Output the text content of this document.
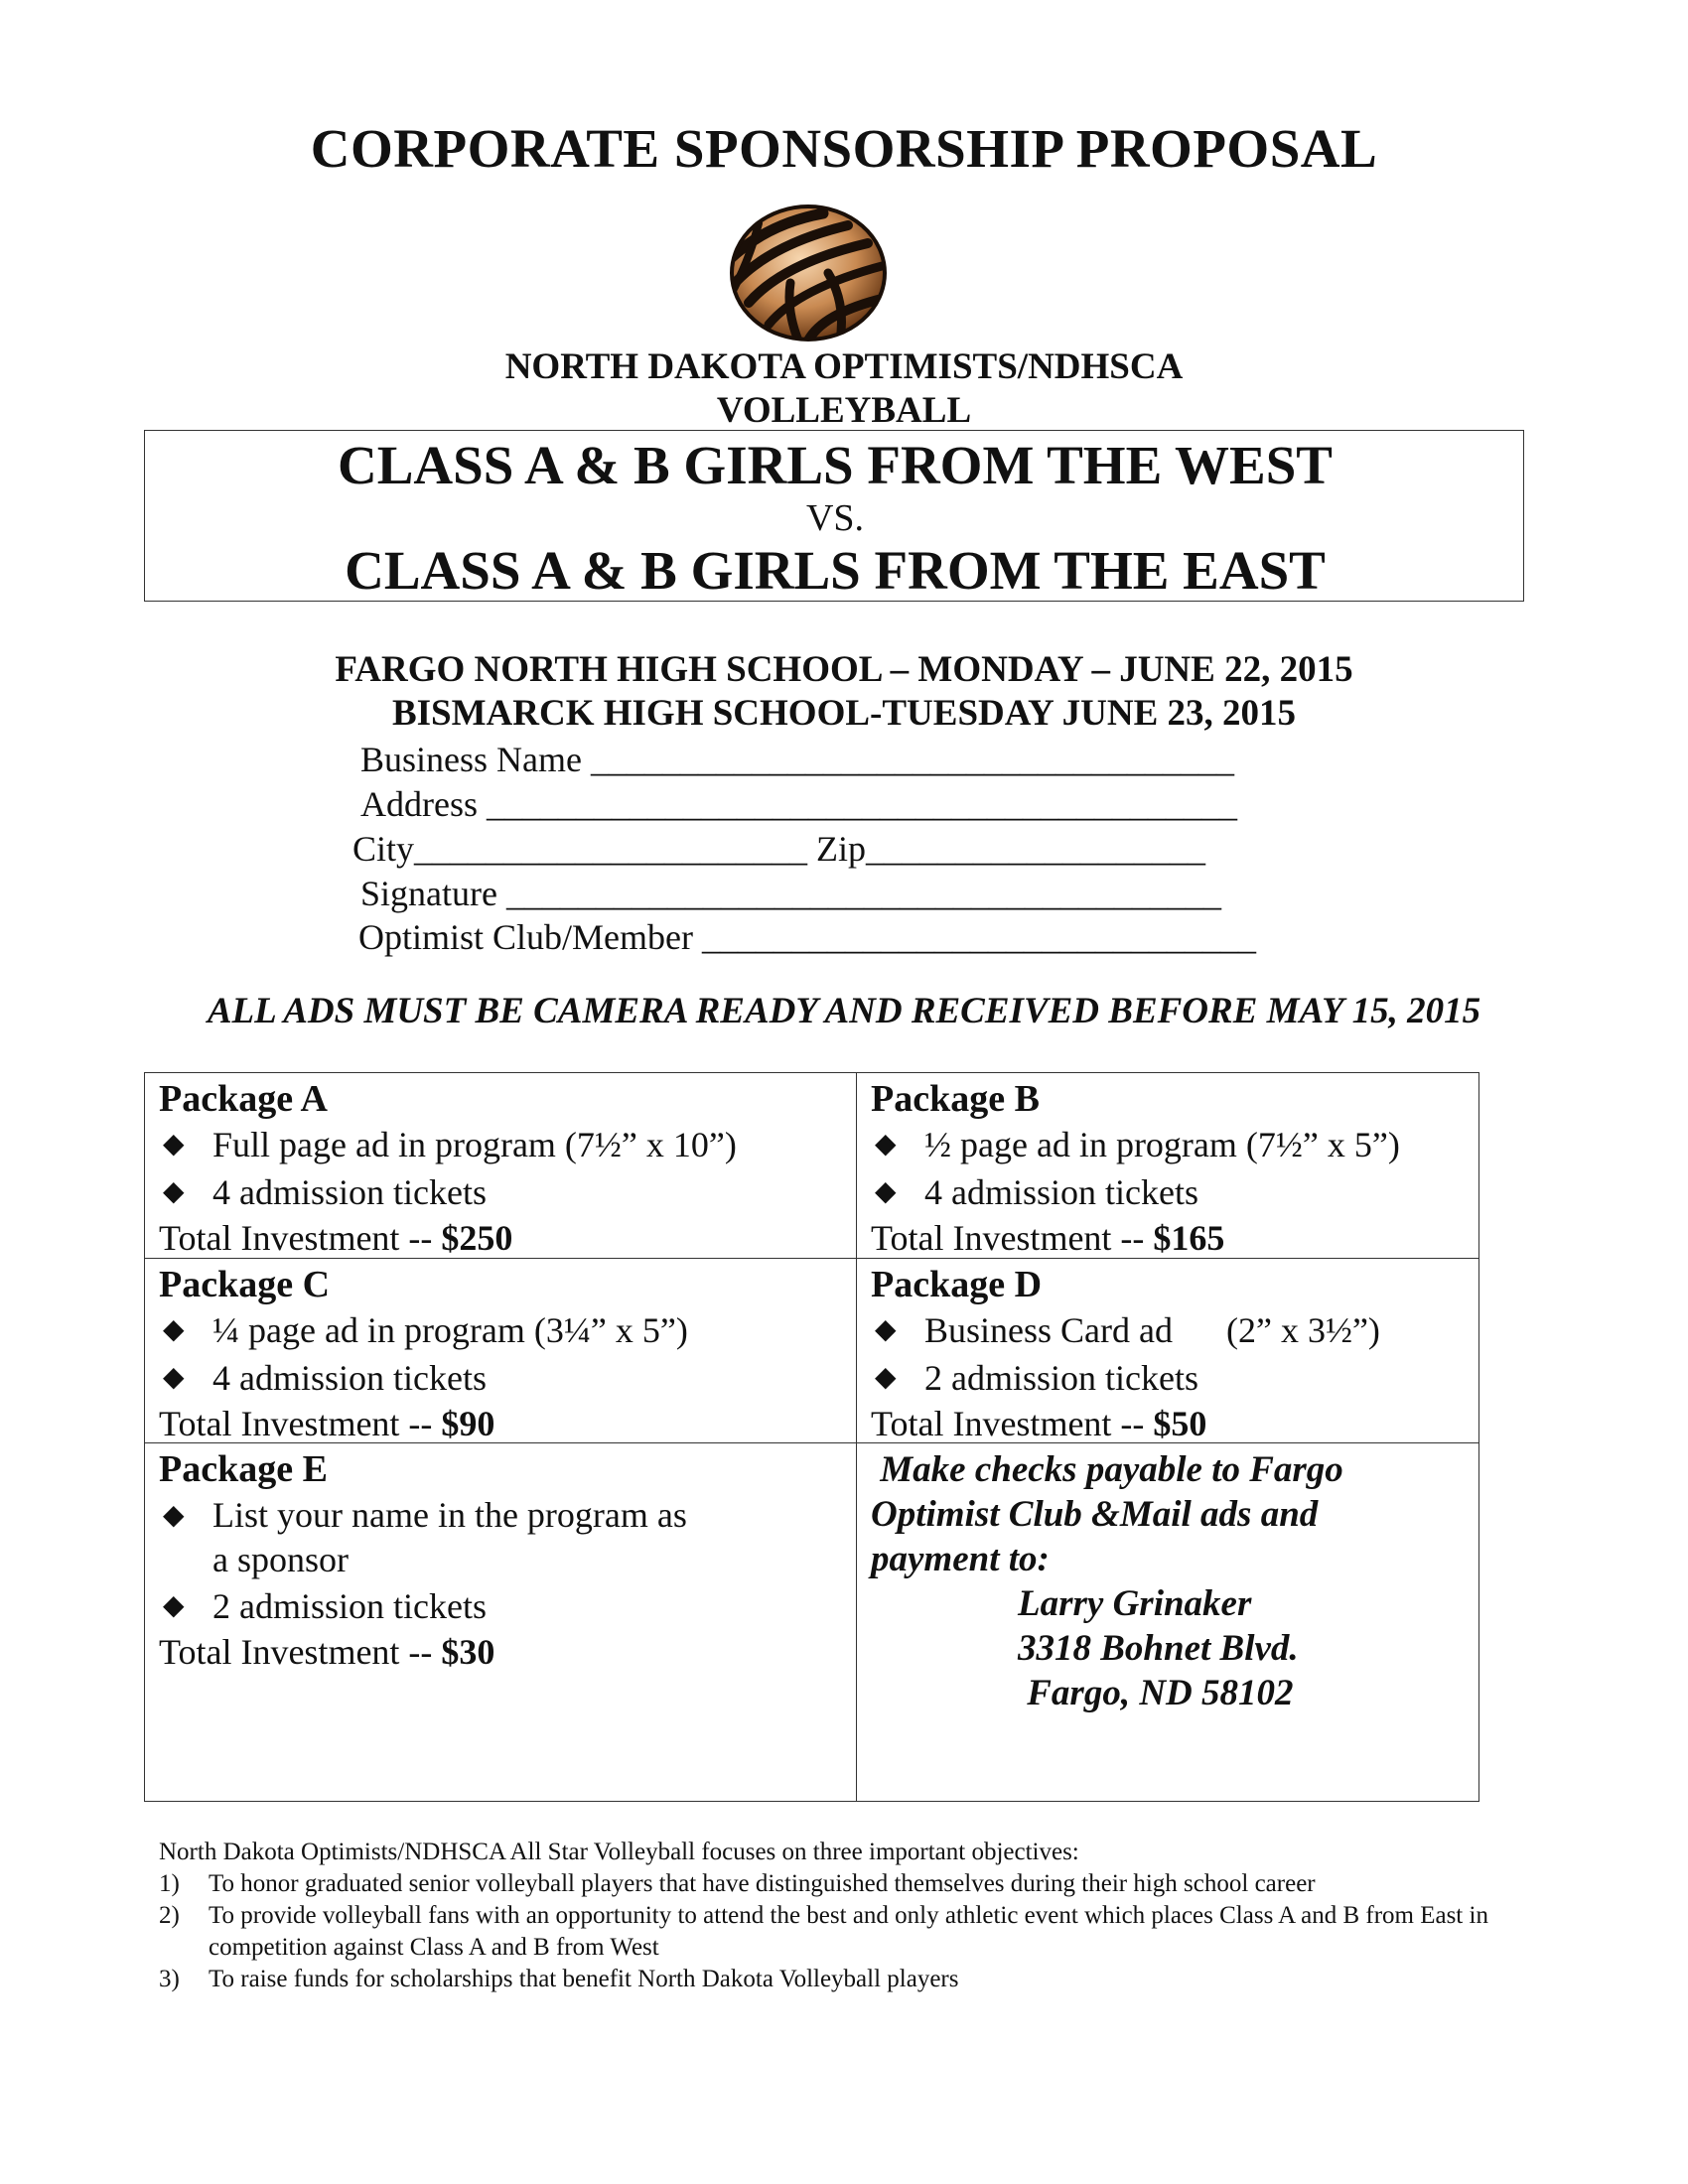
CORPORATE SPONSORSHIP PROPOSAL
NORTH DAKOTA OPTIMISTS/NDHSCA
VOLLEYBALL
CLASS A & B GIRLS FROM THE WEST
VS.
CLASS A & B GIRLS FROM THE EAST
FARGO NORTH HIGH SCHOOL – MONDAY – JUNE 22, 2015
BISMARCK HIGH SCHOOL-TUESDAY JUNE 23, 2015
Business Name ____________________________________
Address __________________________________________
City______________________ Zip___________________
Signature ________________________________________
Optimist Club/Member _______________________________
ALL ADS MUST BE CAMERA READY AND RECEIVED BEFORE MAY 15, 2015
Package A
◆ Full page ad in program (7½” x 10”)
◆ 4 admission tickets
Total Investment -- $250
Package B
◆ ½ page ad in program (7½” x 5”)
◆ 4 admission tickets
Total Investment -- $165
Package C
◆ ¼ page ad in program (3¼” x 5”)
◆ 4 admission tickets
Total Investment -- $90
Package D
◆ Business Card ad      (2” x 3½”)
◆ 2 admission tickets
Total Investment -- $50
Package E
◆ List your name in the program as a sponsor
◆ 2 admission tickets
Total Investment -- $30
Make checks payable to Fargo
Optimist Club &Mail ads and
payment to:
Larry Grinaker
3318 Bohnet Blvd.
Fargo, ND 58102
North Dakota Optimists/NDHSCA All Star Volleyball focuses on three important objectives:
1)	To honor graduated senior volleyball players that have distinguished themselves during their high school career
2)	To provide volleyball fans with an opportunity to attend the best and only athletic event which places Class A and B from East in competition against Class A and B from West
3)	To raise funds for scholarships that benefit North Dakota Volleyball players
